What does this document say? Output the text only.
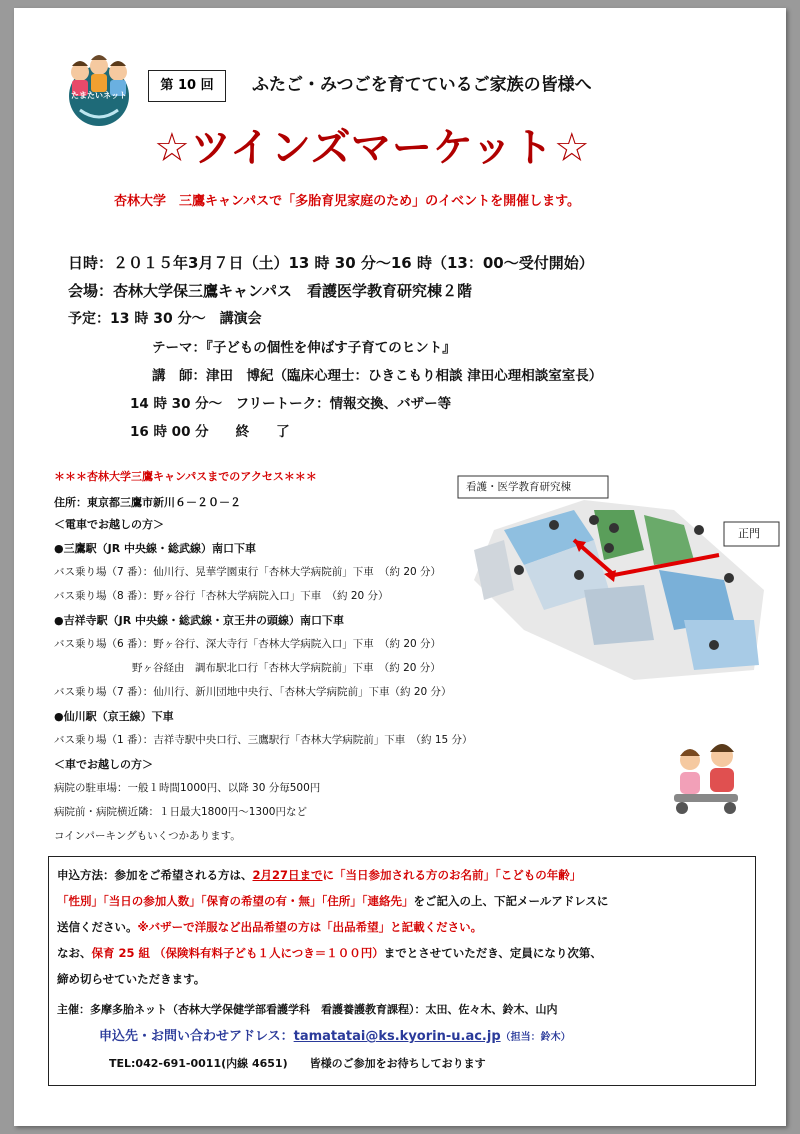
たまたいネット
第 10 回	ふたご・みつごを育てているご家族の皆様へ
☆ツインズマーケット☆
杏林大学　三鷹キャンパスで「多胎育児家庭のため」のイベントを開催します。
日時：２０１５年3月７日（土）13 時 30 分～16 時（13：00～受付開始）
会場：杏林大学保三鷹キャンパス　看護医学教育研究棟２階
予定：13 時 30 分～　講演会
テーマ：『子どもの個性を伸ばす子育てのヒント』
講　師：津田　博紀（臨床心理士：ひきこもり相談 津田心理相談室室長）
14 時 30 分～　フリートーク：情報交換、バザー等
16 時 00 分　　終　　了
＊＊＊杏林大学三鷹キャンパスまでのアクセス＊＊＊
住所：東京都三鷹市新川６－２０－２
＜電車でお越しの方＞
●三鷹駅（JR 中央線・総武線）南口下車
バス乗り場（7 番）：仙川行、晃華学園東行「杏林大学病院前」下車　（約 20 分）
バス乗り場（8 番）：野ヶ谷行「杏林大学病院入口」下車　（約 20 分）
●吉祥寺駅（JR 中央線・総武線・京王井の頭線）南口下車
バス乗り場（6 番）：野ヶ谷行、深大寺行「杏林大学病院入口」下車　（約 20 分）
野ヶ谷経由　調布駅北口行「杏林大学病院前」下車　（約 20 分）
バス乗り場（7 番）：仙川行、新川団地中央行、「杏林大学病院前」下車（約 20 分）
●仙川駅（京王線）下車
バス乗り場（1 番）：吉祥寺駅中央口行、三鷹駅行「杏林大学病院前」下車　（約 15 分）
＜車でお越しの方＞
病院の駐車場：一般１時間1000円、以降 30 分毎500円
病院前・病院横近隣：１日最大1800円～1300円など
コインパーキングもいくつかあります。
看護・医学教育研究棟
正門
申込方法：参加をご希望される方は、2月27日までに「当日参加される方のお名前」「こどもの年齢」
「性別」「当日の参加人数」「保育の希望の有・無」「住所」「連絡先」をご記入の上、下記メールアドレスに
送信ください。※バザーで洋服など出品希望の方は「出品希望」と記載ください。
なお、保育 25 組 （保険料有料子ども１人につき＝１００円）までとさせていただき、定員になり次第、
締め切らせていただきます。
主催：多摩多胎ネット（杏林大学保健学部看護学科　看護養護教育課程）：太田、佐々木、鈴木、山内
申込先・お問い合わせアドレス：tamatatai@ks.kyorin-u.ac.jp（担当：鈴木）
TEL:042-691-0011(内線 4651)　　皆様のご参加をお待ちしております
